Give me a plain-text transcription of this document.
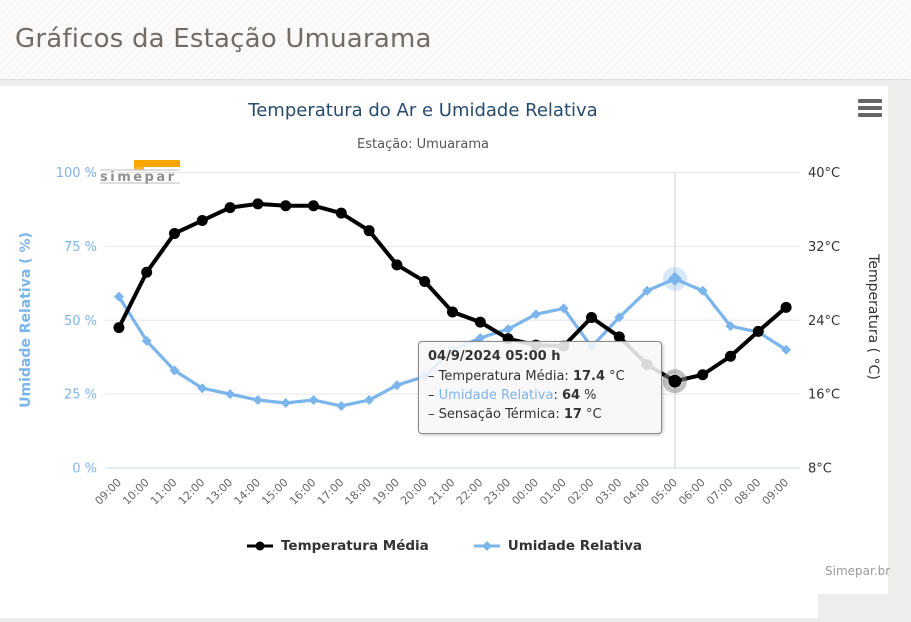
Gráficos da Estação Umuarama
Temperatura do Ar e Umidade Relativa
Estação: Umuarama
simepar
Umidade Relativa ( %)	Temperatura ( °C)
100 %
75 %
50 %
25 %
0 %
40°C
32°C
24°C
16°C
8°C
09:00
10:00
11:00
12:00
13:00
14:00
15:00
16:00
17:00
18:00
19:00
20:00
21:00
22:00
23:00
00:00
01:00
02:00
03:00
04:00
05:00
06:00
07:00
08:00
09:00
04/9/2024 05:00 h
– Temperatura Média: 17.4 °C
– Umidade Relativa: 64 %
– Sensação Térmica: 17 °C
Temperatura Média	Umidade Relativa
Simepar.br
